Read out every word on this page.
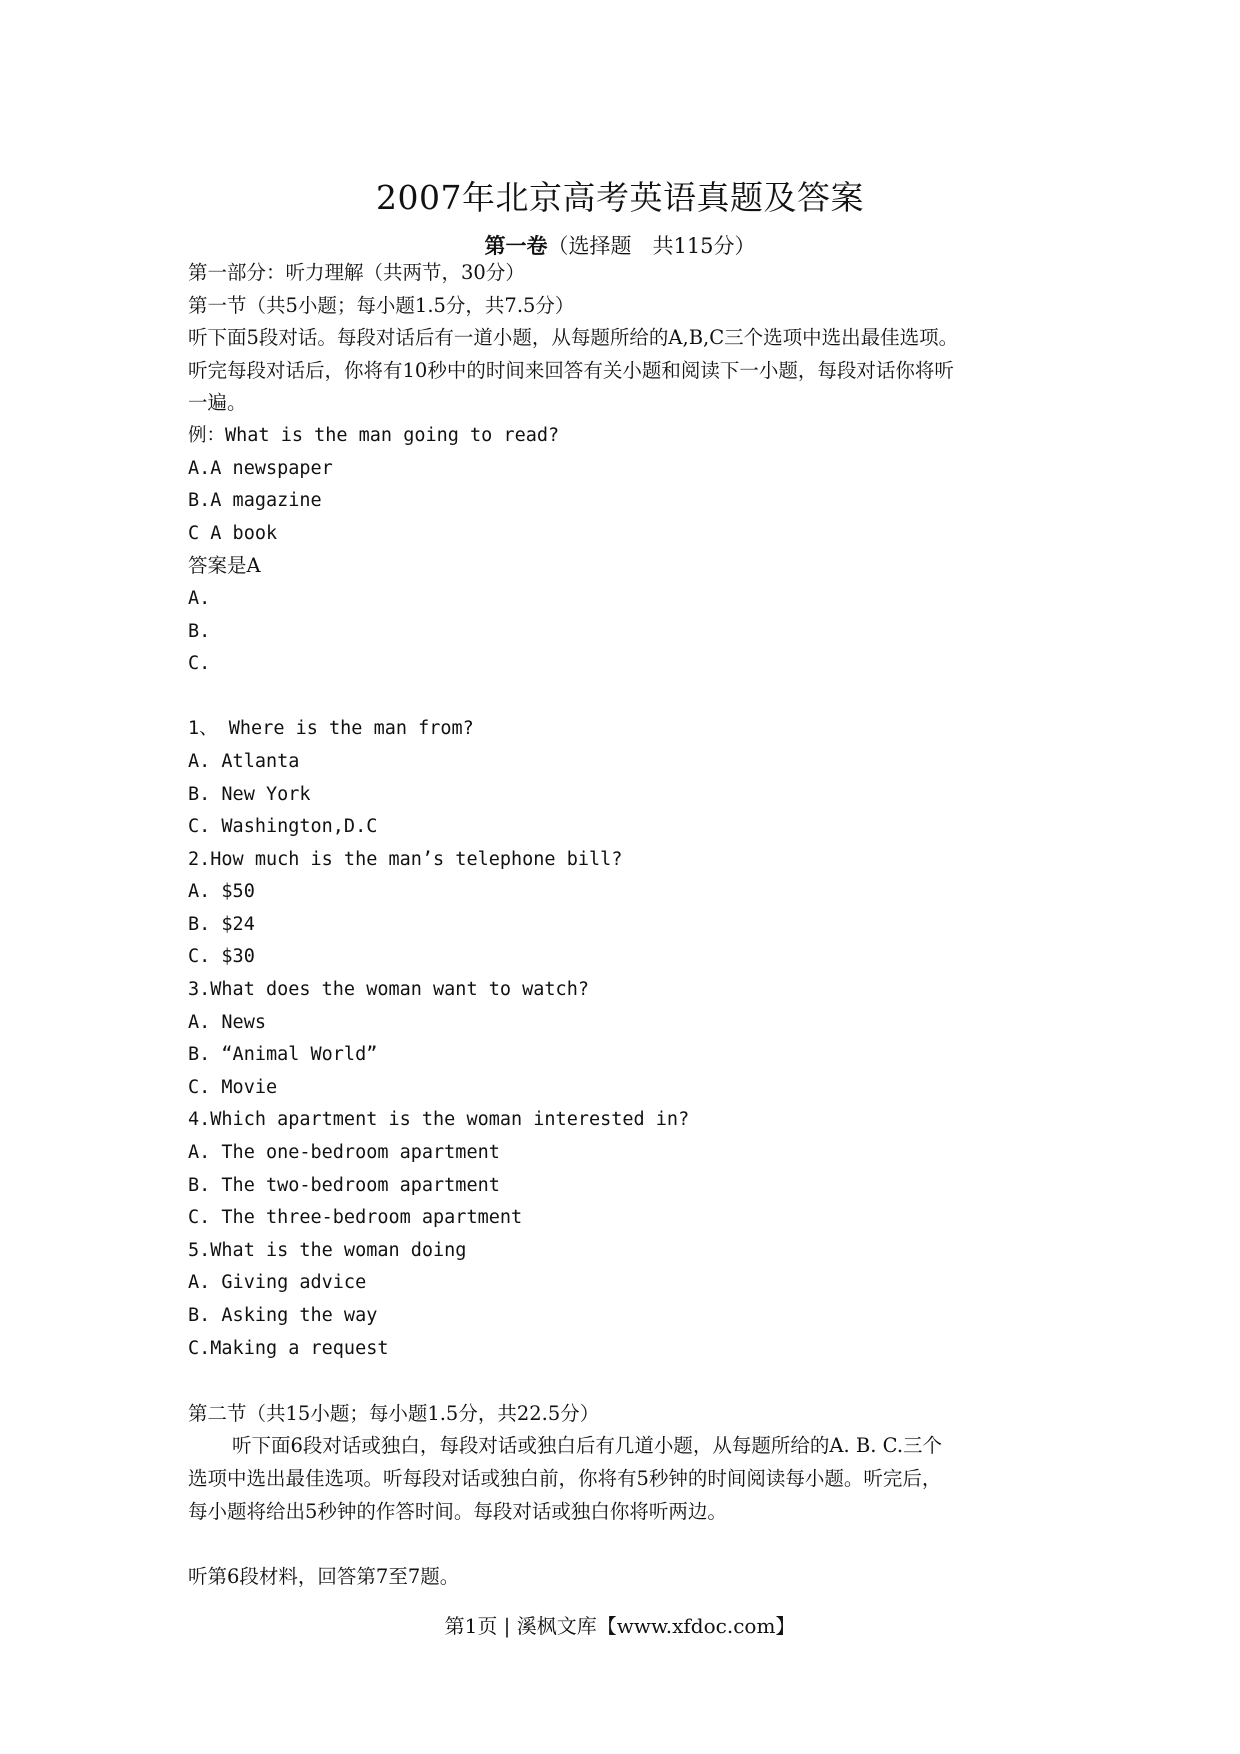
2007年北京高考英语真题及答案
第一卷（选择题　共115分）
第一部分：听力理解（共两节，30分）
第一节（共5小题；每小题1.5分，共7.5分）
听下面5段对话。每段对话后有一道小题，从每题所给的A,B,C三个选项中选出最佳选项。
听完每段对话后，你将有10秒中的时间来回答有关小题和阅读下一小题，每段对话你将听
一遍。
例：What is the man going to read?
A.A newspaper
B.A magazine
C A book
答案是A
A.
B.
C.
1、 Where is the man from?
A. Atlanta
B. New York
C. Washington,D.C
2.How much is the man’s telephone bill?
A. $50
B. $24
C. $30
3.What does the woman want to watch?
A. News
B. “Animal World”
C. Movie
4.Which apartment is the woman interested in?
A. The one-bedroom apartment
B. The two-bedroom apartment
C. The three-bedroom apartment
5.What is the woman doing
A. Giving advice
B. Asking the way
C.Making a request
第二节（共15小题；每小题1.5分，共22.5分）
听下面6段对话或独白，每段对话或独白后有几道小题，从每题所给的A. B. C.三个
选项中选出最佳选项。听每段对话或独白前，你将有5秒钟的时间阅读每小题。听完后，
每小题将给出5秒钟的作答时间。每段对话或独白你将听两边。
听第6段材料，回答第7至7题。
第1页 | 溪枫文库【www.xfdoc.com】
